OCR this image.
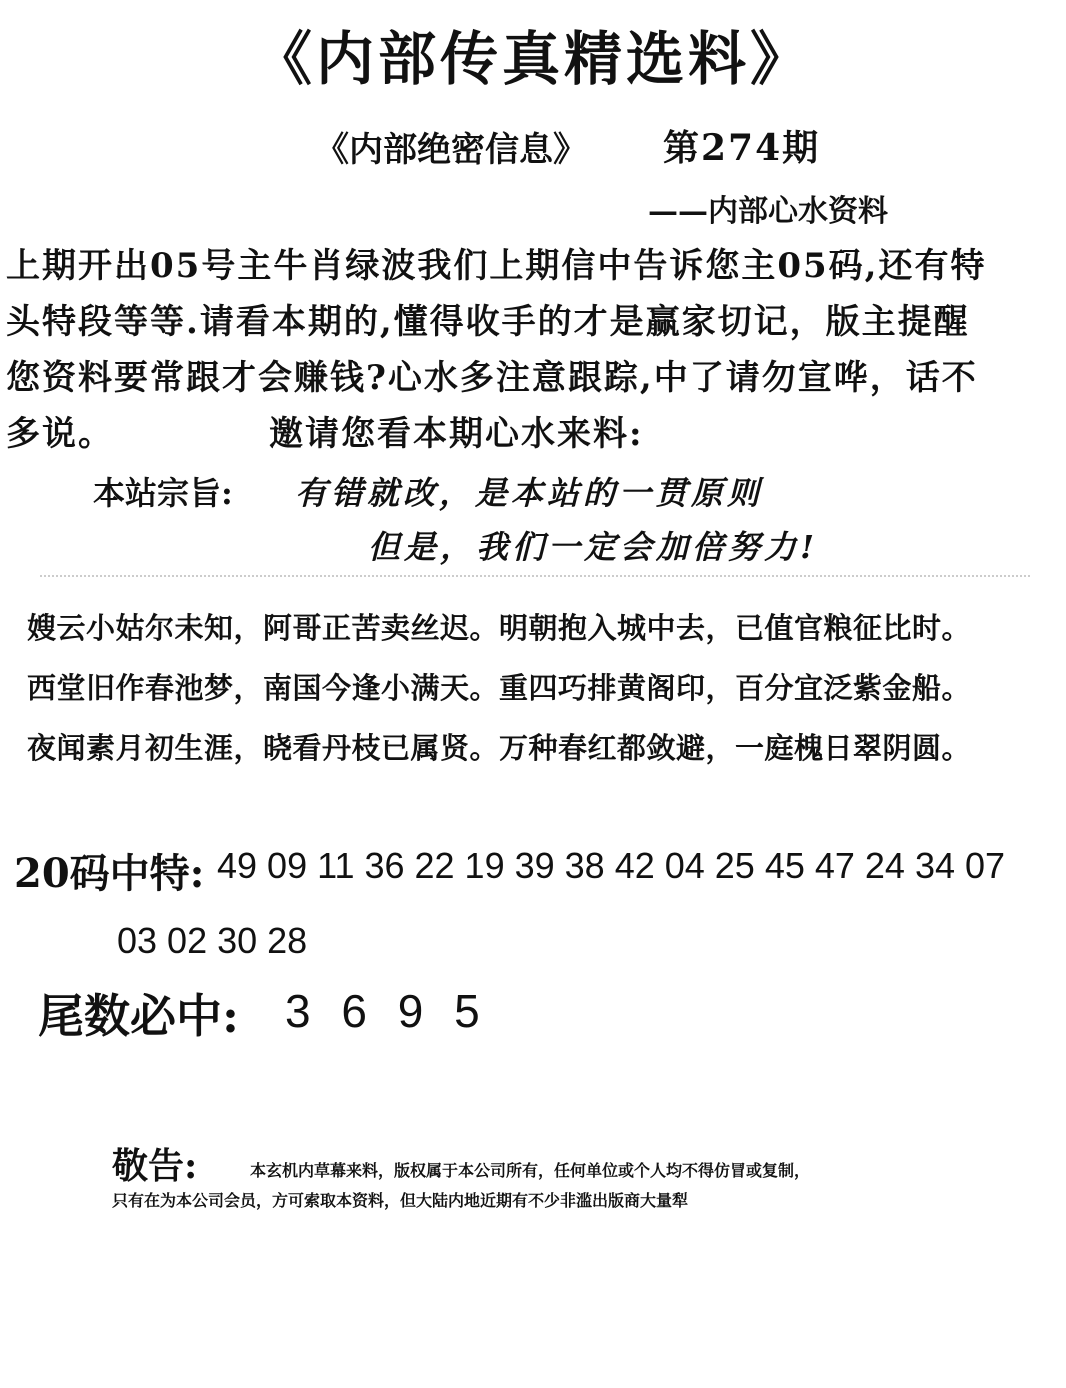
《内部传真精选料》
《内部绝密信息》 第274期
——内部心水资料
上期开出05号主牛肖绿波我们上期信中告诉您主05码,还有特
头特段等等.请看本期的,懂得收手的才是赢家切记，版主提醒
您资料要常跟才会赚钱?心水多注意跟踪,中了请勿宣哗，话不
多说。	邀请您看本期心水来料:
本站宗旨: 有错就改，是本站的一贯原则
但是，我们一定会加倍努力!
嫂云小姑尔未知，阿哥正苦卖丝迟。明朝抱入城中去，已值官粮征比时。
西堂旧作春池梦，南国今逢小满天。重四巧排黄阁印，百分宜泛紫金船。
夜闻素月初生涯，晓看丹枝已属贤。万种春红都敛避，一庭槐日翠阴圆。
20码中特: 49 09 11 36 22 19 39 38 42 04 25 45 47 24 34 07
03 02 30 28
尾数必中: 3 6 9 5
敬告:	本玄机内草幕来料，版权属于本公司所有，任何单位或个人均不得仿冒或复制，
只有在为本公司会员，方可索取本资料，但大陆内地近期有不少非滥出版商大量犁
